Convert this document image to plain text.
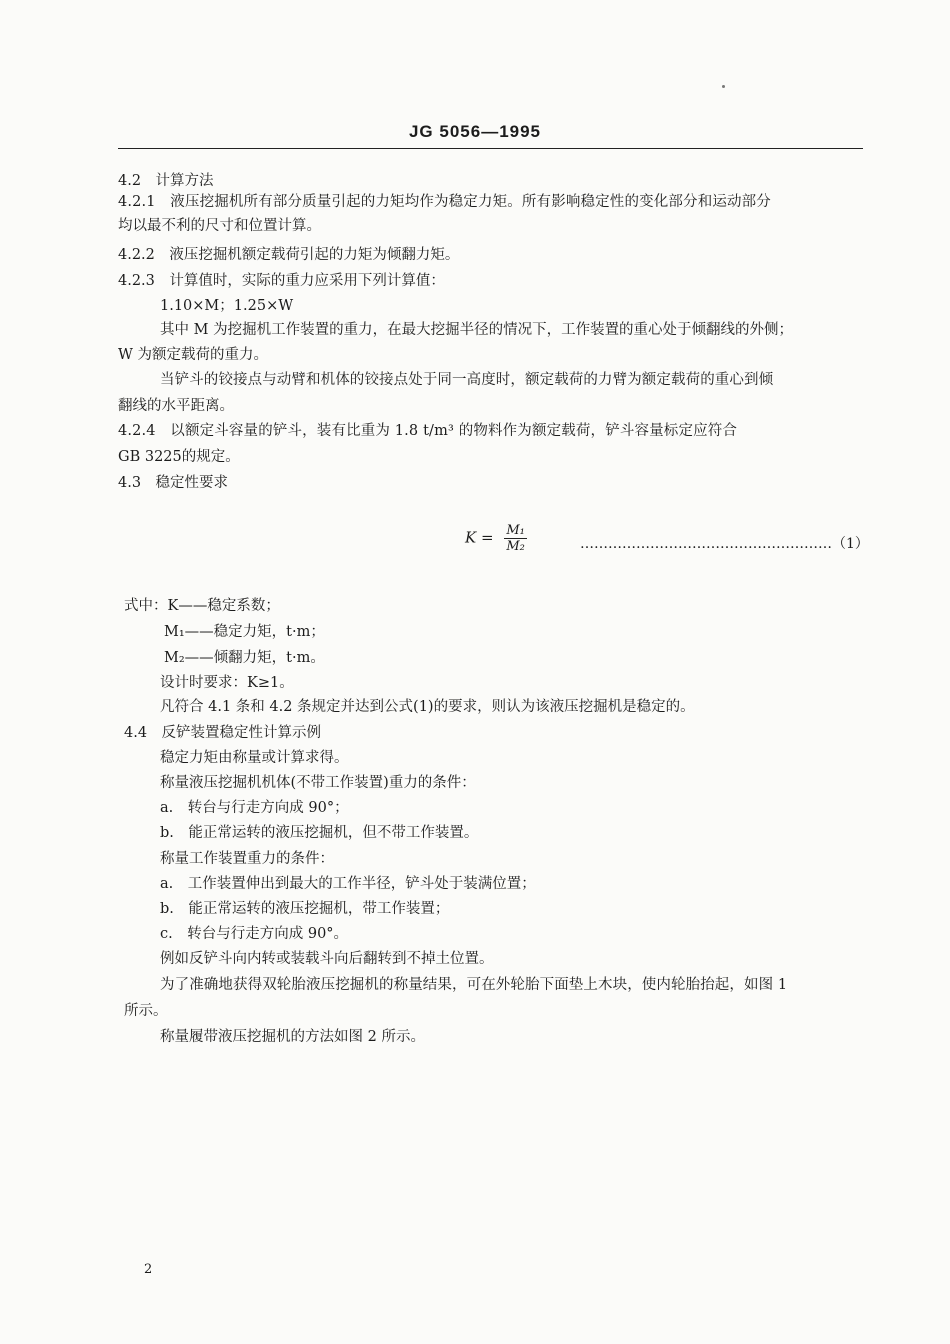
JG 5056—1995
4.2　计算方法
4.2.1　液压挖掘机所有部分质量引起的力矩均作为稳定力矩。所有影响稳定性的变化部分和运动部分
均以最不利的尺寸和位置计算。
4.2.2　液压挖掘机额定载荷引起的力矩为倾翻力矩。
4.2.3　计算值时，实际的重力应采用下列计算值：
1.10×M；1.25×W
其中 M 为挖掘机工作装置的重力，在最大挖掘半径的情况下，工作装置的重心处于倾翻线的外侧；
W 为额定载荷的重力。
当铲斗的铰接点与动臂和机体的铰接点处于同一高度时，额定载荷的力臂为额定载荷的重心到倾
翻线的水平距离。
4.2.4　以额定斗容量的铲斗，装有比重为 1.8 t/m³ 的物料作为额定载荷，铲斗容量标定应符合
GB 3225的规定。
4.3　稳定性要求
$K = \frac{\text{M₁}}{\text{M₂}}$	………………………………………………（1）
式中：K——稳定系数；
M₁——稳定力矩，t·m；
M₂——倾翻力矩，t·m。
设计时要求：K≥1。
凡符合 4.1 条和 4.2 条规定并达到公式(1)的要求，则认为该液压挖掘机是稳定的。
4.4　反铲装置稳定性计算示例
稳定力矩由称量或计算求得。
称量液压挖掘机机体(不带工作装置)重力的条件：
a.　转台与行走方向成 90°；
b.　能正常运转的液压挖掘机，但不带工作装置。
称量工作装置重力的条件：
a.　工作装置伸出到最大的工作半径，铲斗处于装满位置；
b.　能正常运转的液压挖掘机，带工作装置；
c.　转台与行走方向成 90°。
例如反铲斗向内转或装载斗向后翻转到不掉土位置。
为了准确地获得双轮胎液压挖掘机的称量结果，可在外轮胎下面垫上木块，使内轮胎抬起，如图 1
所示。
称量履带液压挖掘机的方法如图 2 所示。
2
